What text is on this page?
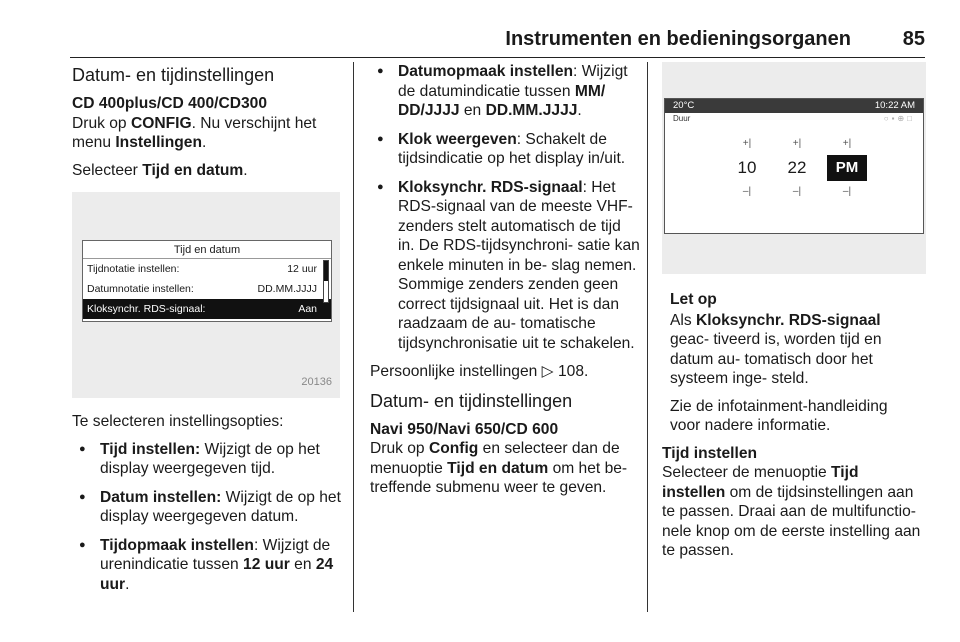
Instrumenten en bedieningsorganen	85
Datum- en tijdinstellingen
CD 400plus/CD 400/CD300

Druk op CONFIG. Nu verschijnt het menu Instellingen.

Selecteer Tijd en datum.

Tijd en datum
Tijdnotatie instellen:	12 uur
Datumnotatie instellen:	DD.MM.JJJJ
Kloksynchr. RDS-signaal:	Aan
20136

Te selecteren instellingsopties:

● Tijd instellen: Wijzigt de op het display weergegeven tijd.
● Datum instellen: Wijzigt de op het display weergegeven datum.
● Tijdopmaak instellen: Wijzigt de urenindicatie tussen 12 uur en 24 uur.
● Datumopmaak instellen: Wijzigt de datumindicatie tussen MM/ DD/JJJJ en DD.MM.JJJJ.
● Klok weergeven: Schakelt de tijdsindicatie op het display in/uit.
● Kloksynchr. RDS-signaal: Het RDS-signaal van de meeste VHF-zenders stelt automatisch de tijd in. De RDS-tijdsynchroni- satie kan enkele minuten in be- slag nemen. Sommige zenders zenden geen correct tijdsignaal uit. Het is dan raadzaam de au- tomatische tijdsynchronisatie uit te schakelen.

Persoonlijke instellingen ▷ 108.

Datum- en tijdinstellingen
Navi 950/Navi 650/CD 600

Druk op Config en selecteer dan de menuoptie Tijd en datum om het be- treffende submenu weer te geven.

20°C	10:22 AM
Duur	○▪⊕□
+|	+|	+|
10	22	PM
–|	–|	–|
Let op

Als Kloksynchr. RDS-signaal geac- tiveerd is, worden tijd en datum au- tomatisch door het systeem inge- steld.

Zie de infotainment-handleiding voor nadere informatie.

Tijd instellen

Selecteer de menuoptie Tijd instellen om de tijdsinstellingen aan te passen. Draai aan de multifunctio- nele knop om de eerste instelling aan te passen.
